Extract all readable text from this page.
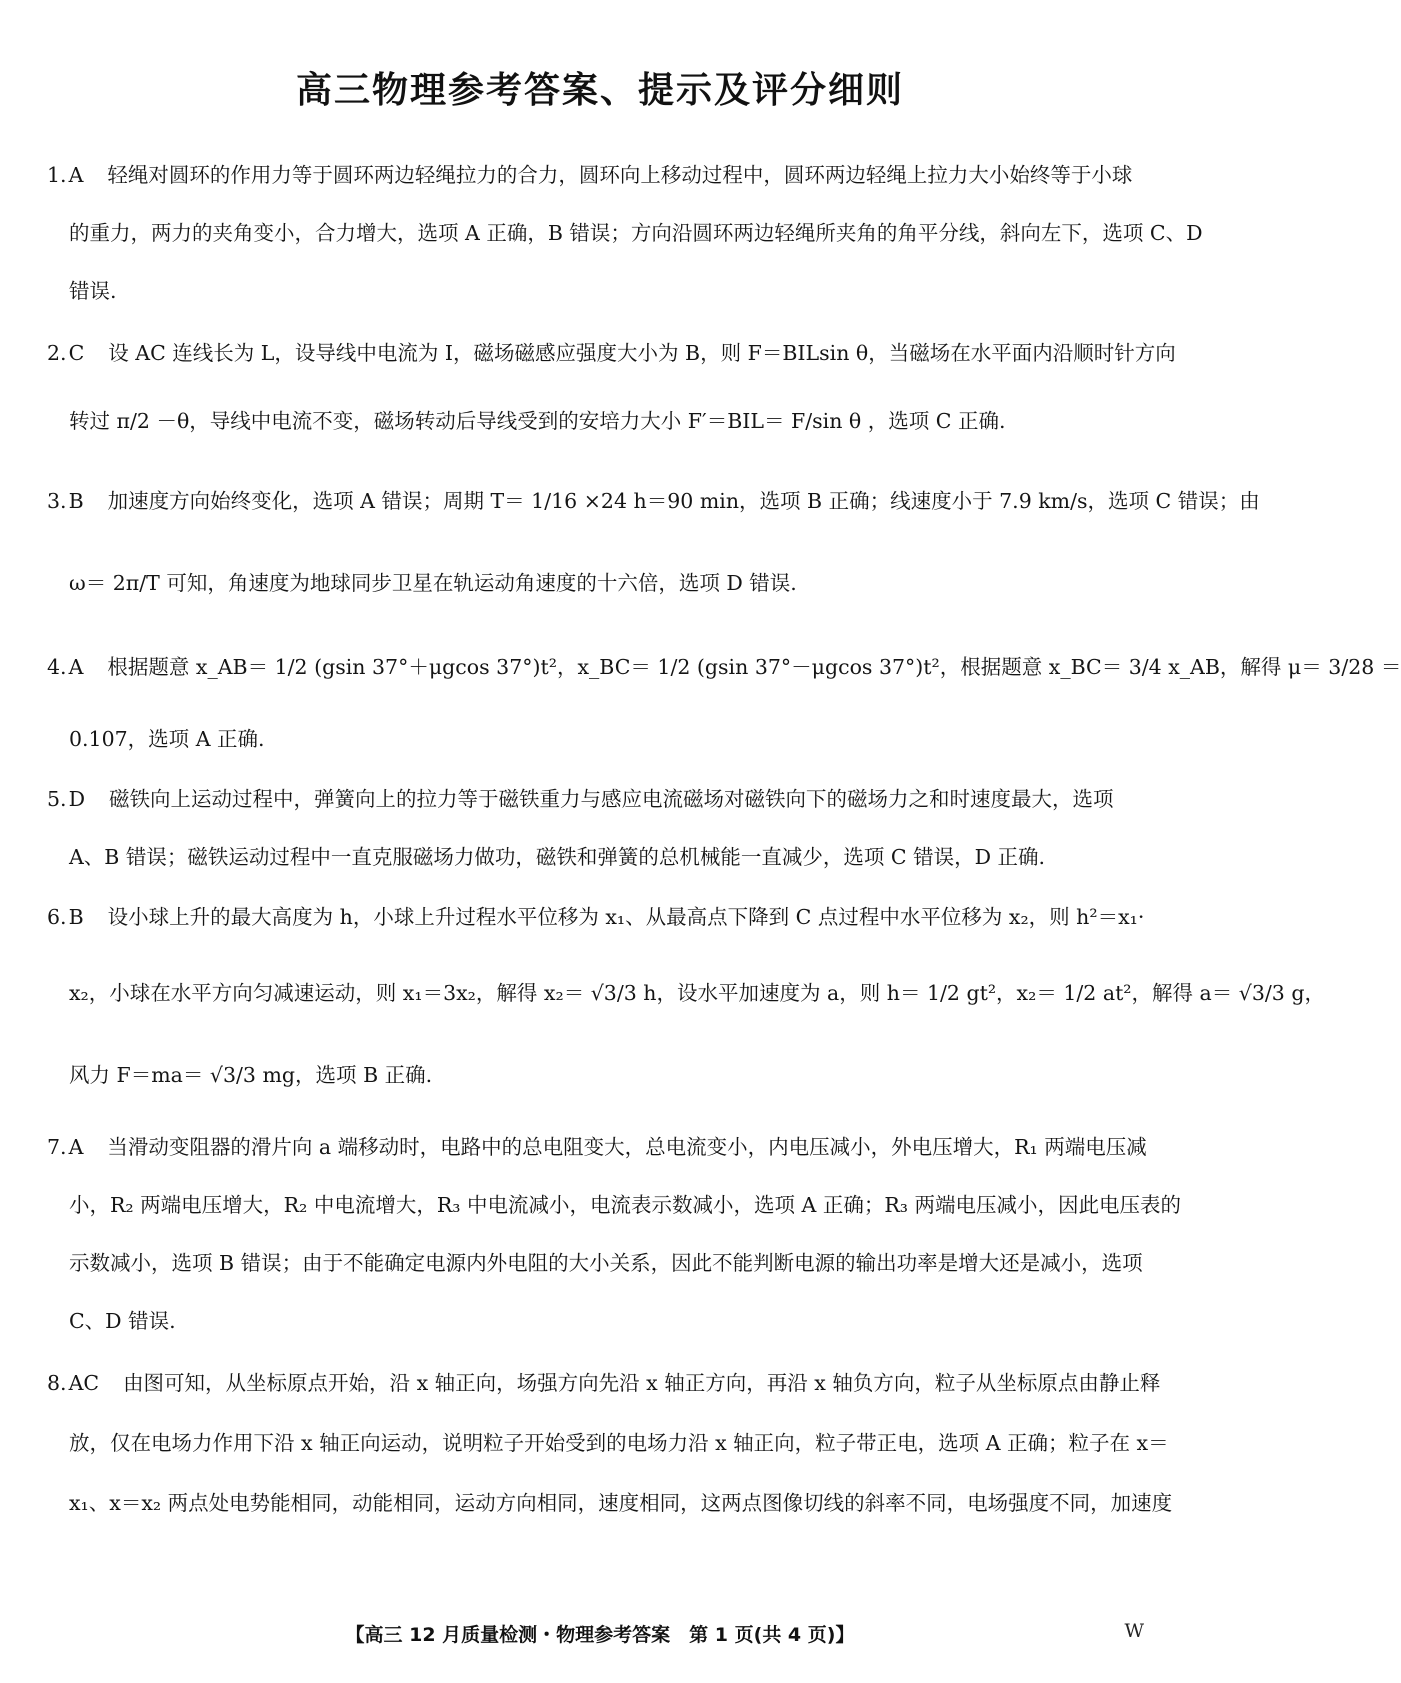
高三物理参考答案、提示及评分细则
1.A 轻绳对圆环的作用力等于圆环两边轻绳拉力的合力，圆环向上移动过程中，圆环两边轻绳上拉力大小始终等于小球
的重力，两力的夹角变小，合力增大，选项 A 正确，B 错误；方向沿圆环两边轻绳所夹角的角平分线，斜向左下，选项 C、D
错误.
2.C 设 AC 连线长为 L，设导线中电流为 I，磁场磁感应强度大小为 B，则 F＝BILsin θ，当磁场在水平面内沿顺时针方向
转过 π/2 －θ，导线中电流不变，磁场转动后导线受到的安培力大小 F′＝BIL＝ F/sin θ ，选项 C 正确.
3.B 加速度方向始终变化，选项 A 错误；周期 T＝ 1/16 ×24 h＝90 min，选项 B 正确；线速度小于 7.9 km/s，选项 C 错误；由
ω＝ 2π/T 可知，角速度为地球同步卫星在轨运动角速度的十六倍，选项 D 错误.
4.A 根据题意 x_AB＝ 1/2 (gsin 37°＋μgcos 37°)t²，x_BC＝ 1/2 (gsin 37°－μgcos 37°)t²，根据题意 x_BC＝ 3/4 x_AB，解得 μ＝ 3/28 ＝
0.107，选项 A 正确.
5.D 磁铁向上运动过程中，弹簧向上的拉力等于磁铁重力与感应电流磁场对磁铁向下的磁场力之和时速度最大，选项
A、B 错误；磁铁运动过程中一直克服磁场力做功，磁铁和弹簧的总机械能一直减少，选项 C 错误，D 正确.
6.B 设小球上升的最大高度为 h，小球上升过程水平位移为 x₁、从最高点下降到 C 点过程中水平位移为 x₂，则 h²＝x₁·
x₂，小球在水平方向匀减速运动，则 x₁＝3x₂，解得 x₂＝ √3/3 h，设水平加速度为 a，则 h＝ 1/2 gt²，x₂＝ 1/2 at²，解得 a＝ √3/3 g，
风力 F＝ma＝ √3/3 mg，选项 B 正确.
7.A 当滑动变阻器的滑片向 a 端移动时，电路中的总电阻变大，总电流变小，内电压减小，外电压增大，R₁ 两端电压减
小，R₂ 两端电压增大，R₂ 中电流增大，R₃ 中电流减小，电流表示数减小，选项 A 正确；R₃ 两端电压减小，因此电压表的
示数减小，选项 B 错误；由于不能确定电源内外电阻的大小关系，因此不能判断电源的输出功率是增大还是减小，选项
C、D 错误.
8.AC 由图可知，从坐标原点开始，沿 x 轴正向，场强方向先沿 x 轴正方向，再沿 x 轴负方向，粒子从坐标原点由静止释
放，仅在电场力作用下沿 x 轴正向运动，说明粒子开始受到的电场力沿 x 轴正向，粒子带正电，选项 A 正确；粒子在 x＝
x₁、x＝x₂ 两点处电势能相同，动能相同，运动方向相同，速度相同，这两点图像切线的斜率不同，电场强度不同，加速度
【高三 12 月质量检测・物理参考答案　第 1 页(共 4 页)】	W
